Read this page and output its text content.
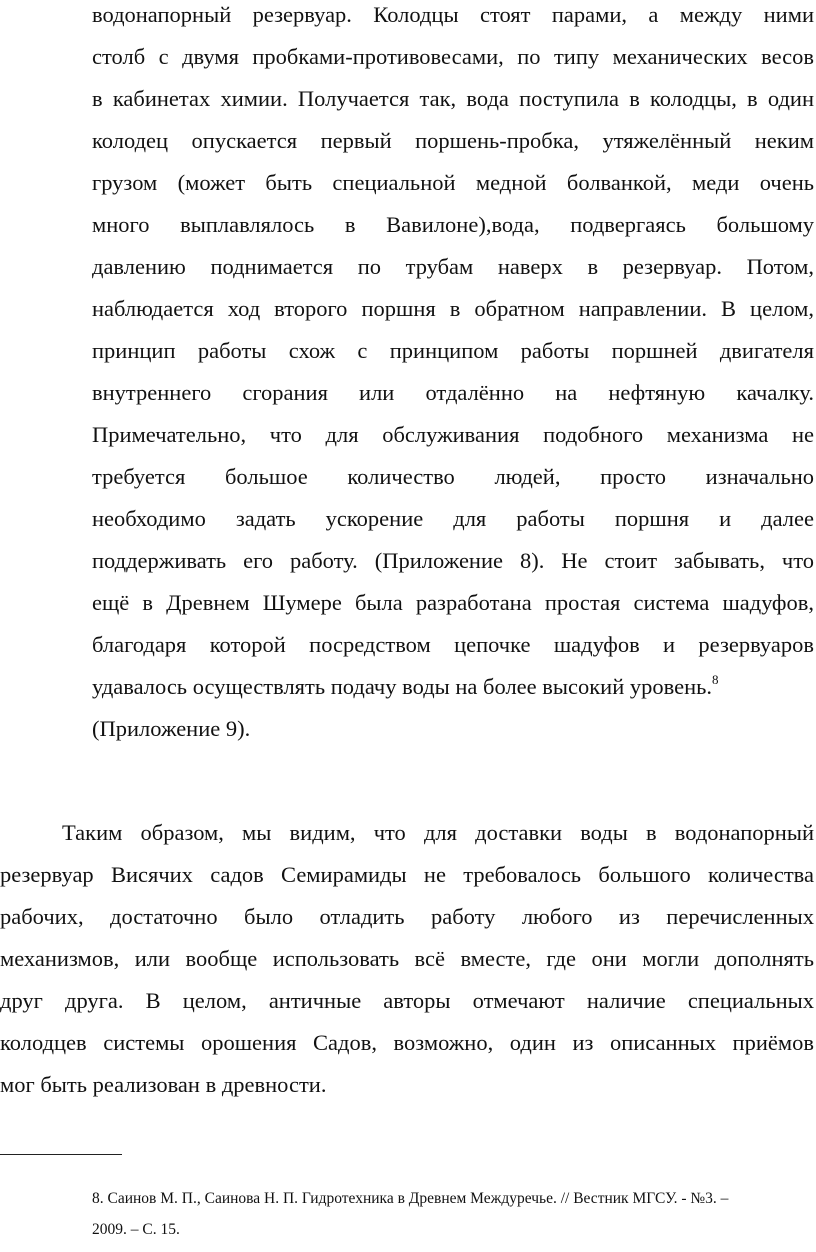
водонапорный резервуар. Колодцы стоят парами, а между ними
столб с двумя пробками-противовесами, по типу механических весов
в кабинетах химии. Получается так, вода поступила в колодцы, в один
колодец опускается первый поршень-пробка, утяжелённый неким
грузом (может быть специальной медной болванкой, меди очень
много выплавлялось в Вавилоне),вода, подвергаясь большому
давлению поднимается по трубам наверх в резервуар. Потом,
наблюдается ход второго поршня в обратном направлении. В целом,
принцип работы схож с принципом работы поршней двигателя
внутреннего сгорания или отдалённо на нефтяную качалку.
Примечательно, что для обслуживания подобного механизма не
требуется большое количество людей, просто изначально
необходимо задать ускорение для работы поршня и далее
поддерживать его работу. (Приложение 8). Не стоит забывать, что
ещё в Древнем Шумере была разработана простая система шадуфов,
благодаря которой посредством цепочке шадуфов и резервуаров
удавалось осуществлять подачу воды на более высокий уровень.$^8$
(Приложение 9).
Таким образом, мы видим, что для доставки воды в водонапорный
резервуар Висячих садов Семирамиды не требовалось большого количества
рабочих, достаточно было отладить работу любого из перечисленных
механизмов, или вообще использовать всё вместе, где они могли дополнять
друг друга. В целом, античные авторы отмечают наличие специальных
колодцев системы орошения Садов, возможно, один из описанных приёмов
мог быть реализован в древности.
8. Саинов М. П., Саинова Н. П. Гидротехника в Древнем Междуречье. // Вестник МГСУ. - №3. –
2009. – С. 15.
